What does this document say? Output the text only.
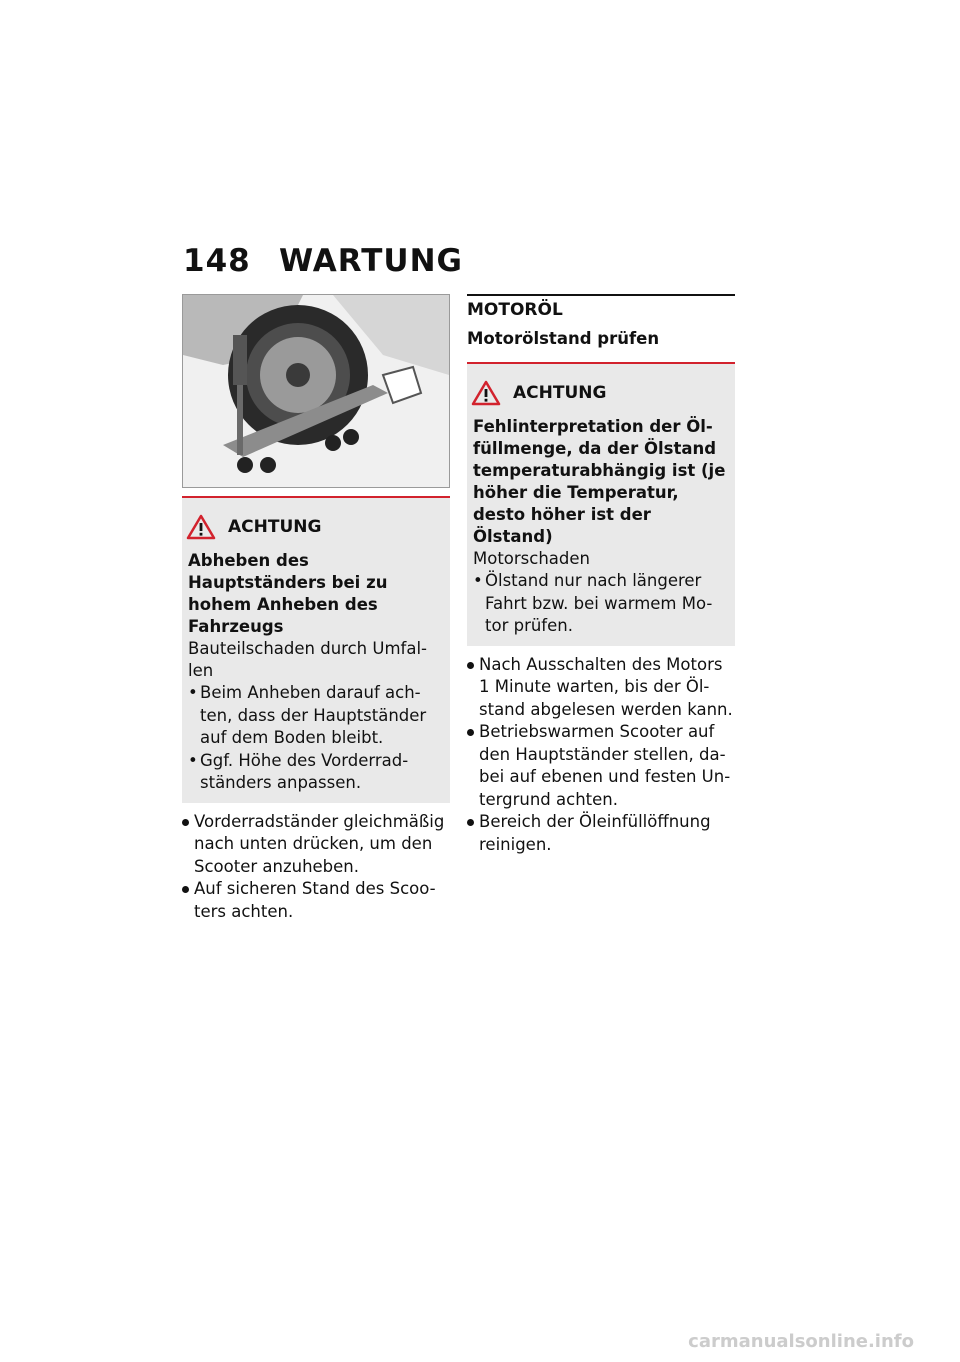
148 WARTUNG
ACHTUNG
Abheben des Hauptständers bei zu hohem Anheben des Fahrzeugs
Bauteilschaden durch Umfal-len
• Beim Anheben darauf ach-ten, dass der Hauptständer auf dem Boden bleibt.
• Ggf. Höhe des Vorderrad-ständers anpassen.
Vorderradständer gleichmäßig nach unten drücken, um den Scooter anzuheben.
Auf sicheren Stand des Scoo-ters achten.
MOTORÖL
Motorölstand prüfen
ACHTUNG
Fehlinterpretation der Öl-füllmenge, da der Ölstand temperaturabhängig ist (je höher die Temperatur, desto höher ist der Ölstand)
Motorschaden
• Ölstand nur nach längerer Fahrt bzw. bei warmem Mo-tor prüfen.
Nach Ausschalten des Motors 1 Minute warten, bis der Öl-stand abgelesen werden kann.
Betriebswarmen Scooter auf den Hauptständer stellen, da-bei auf ebenen und festen Un-tergrund achten.
Bereich der Öleinfüllöffnung reinigen.
carmanualsonline.info
